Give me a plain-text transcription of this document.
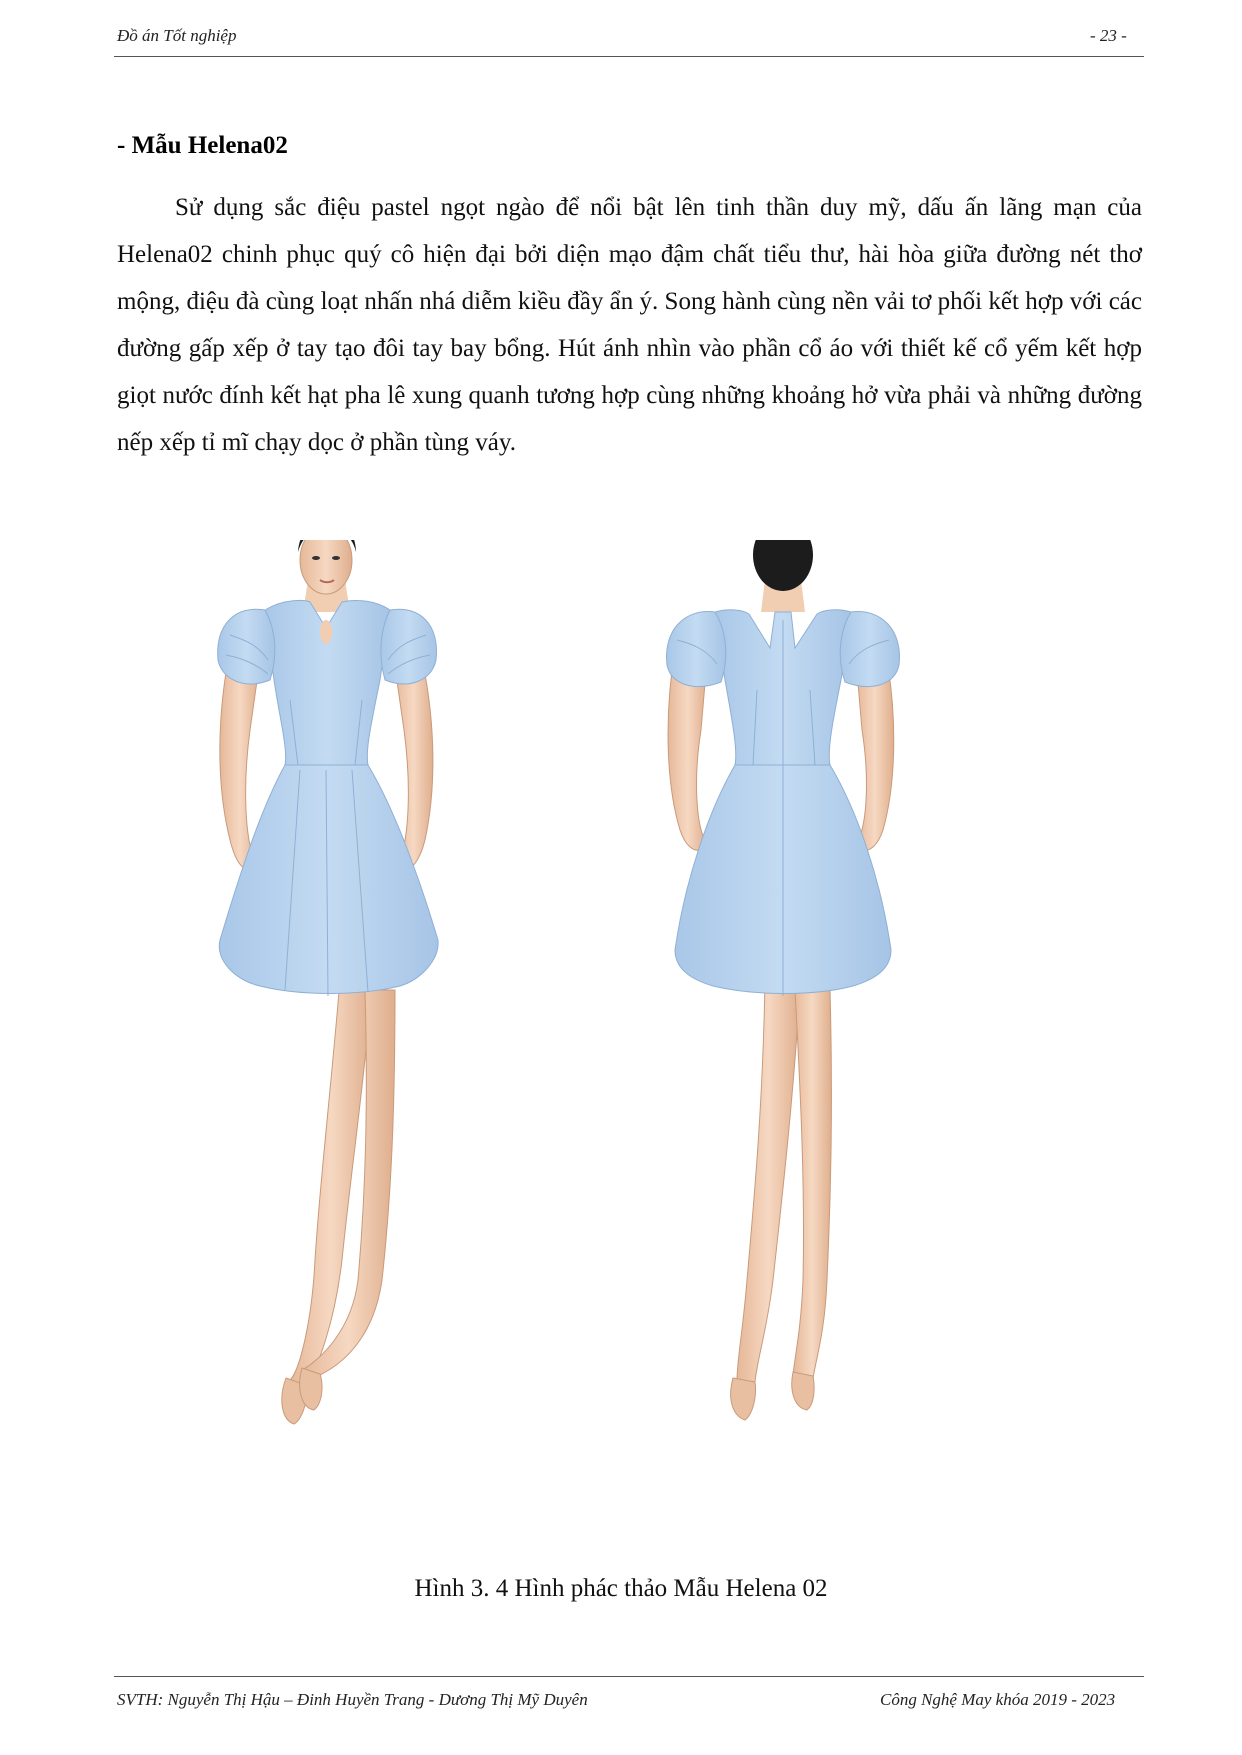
Đồ án Tốt nghiệp	- 23 -
- Mẫu Helena02

Sử dụng sắc điệu pastel ngọt ngào để nổi bật lên tinh thần duy mỹ, dấu ấn lãng mạn của Helena02 chinh phục quý cô hiện đại bởi diện mạo đậm chất tiểu thư, hài hòa giữa đường nét thơ mộng, điệu đà cùng loạt nhấn nhá diễm kiều đầy ẩn ý. Song hành cùng nền vải tơ phối kết hợp với các đường gấp xếp ở tay tạo đôi tay bay bổng. Hút ánh nhìn vào phần cổ áo với thiết kế cổ yếm kết hợp giọt nước đính kết hạt pha lê xung quanh tương hợp cùng những khoảng hở vừa phải và những đường nếp xếp tỉ mĩ chạy dọc ở phần tùng váy.

Hình 3. 4 Hình phác thảo Mẫu Helena 02
SVTH: Nguyễn Thị Hậu – Đinh Huyền Trang - Dương Thị Mỹ Duyên	Công Nghệ May khóa 2019 - 2023
